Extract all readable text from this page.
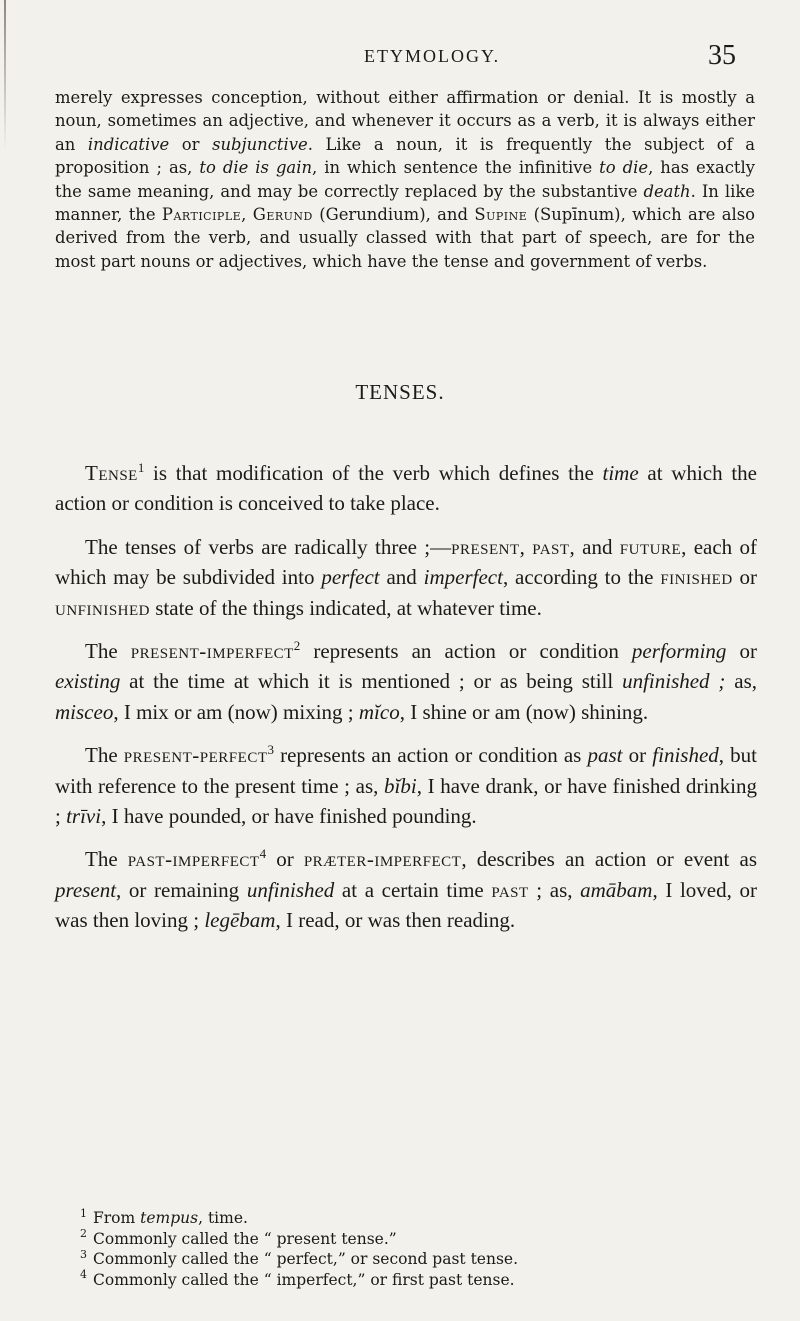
ETYMOLOGY.	35

merely expresses conception, without either affirmation or denial. It is mostly a noun, sometimes an adjective, and whenever it occurs as a verb, it is always either an indicative or subjunctive. Like a noun, it is frequently the subject of a proposition ; as, to die is gain, in which sentence the infinitive to die, has exactly the same meaning, and may be correctly replaced by the substantive death. In like manner, the Participle, Gerund (Gerundium), and Supine (Supīnum), which are also derived from the verb, and usually classed with that part of speech, are for the most part nouns or adjectives, which have the tense and government of verbs.

TENSES.

Tense$^1$ is that modification of the verb which defines the time at which the action or condition is conceived to take place.

The tenses of verbs are radically three ;—present, past, and future, each of which may be subdivided into perfect and imperfect, according to the finished or unfinished state of the things indicated, at whatever time.

The present-imperfect$^2$ represents an action or condition performing or existing at the time at which it is mentioned ; or as being still unfinished ; as, misceo, I mix or am (now) mixing ; mĭco, I shine or am (now) shining.

The present-perfect$^3$ represents an action or condition as past or finished, but with reference to the present time ; as, bĭbi, I have drank, or have finished drinking ; trīvi, I have pounded, or have finished pounding.

The past-imperfect$^4$ or præter-imperfect, describes an action or event as present, or remaining unfinished at a certain time past ; as, amābam, I loved, or was then loving ; legēbam, I read, or was then reading.

$^1$ From tempus, time.
$^2$ Commonly called the “ present tense.”
$^3$ Commonly called the “ perfect,” or second past tense.
$^4$ Commonly called the “ imperfect,” or first past tense.
